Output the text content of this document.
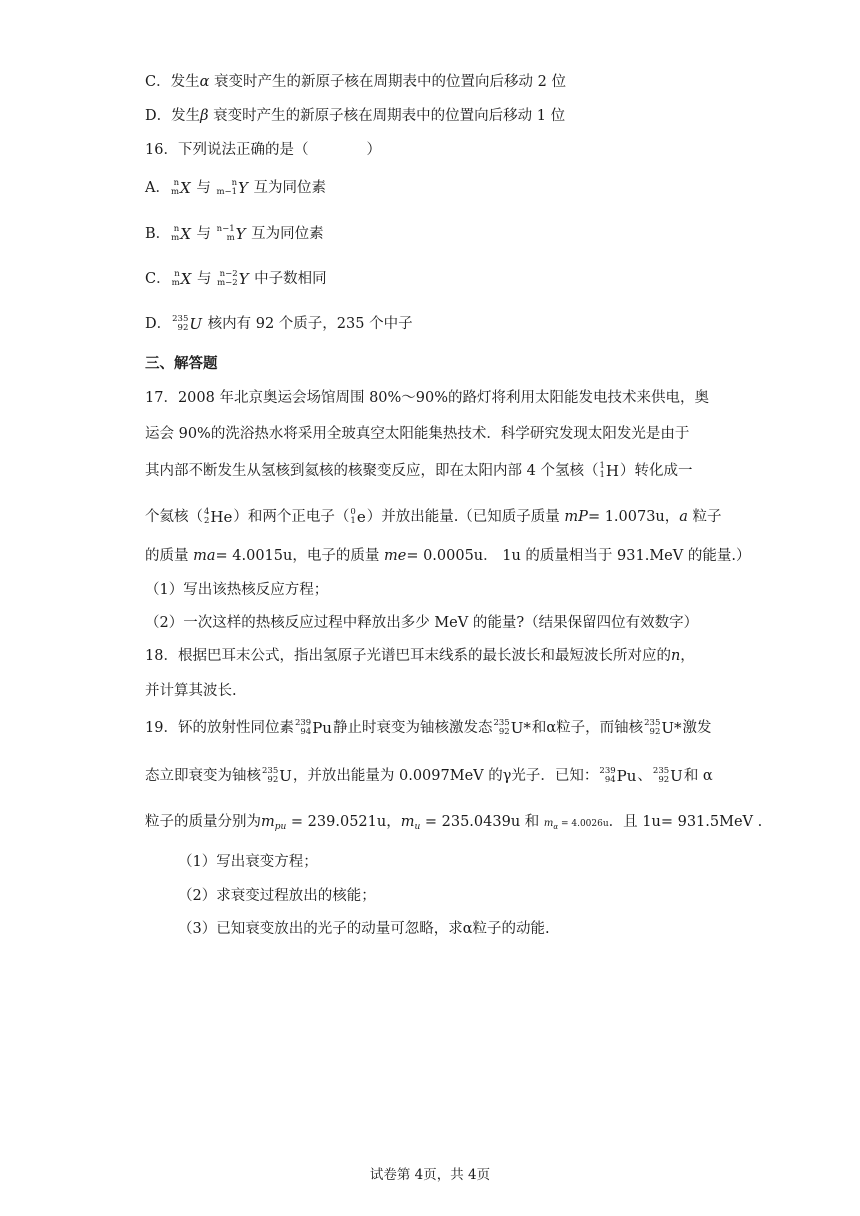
C．发生α 衰变时产生的新原子核在周期表中的位置向后移动 2 位
D．发生β 衰变时产生的新原子核在周期表中的位置向后移动 1 位
16．下列说法正确的是（　　　　）
A． n
m X 与 n
m−1 Y 互为同位素
B． n
m X 与 n−1
m Y 互为同位素
C． n
m X 与 n−2
m−2 Y 中子数相同
D． 235
92 U 核内有 92 个质子，235 个中子
三、解答题
17．2008 年北京奥运会场馆周围 80%～90%的路灯将利用太阳能发电技术来供电，奥
运会 90%的洗浴热水将采用全玻真空太阳能集热技术．科学研究发现太阳发光是由于
其内部不断发生从氢核到氦核的核聚变反应，即在太阳内部 4 个氢核（ 1
1 H）转化成一
个氦核（ 4
2 He）和两个正电子（ 0
1 e）并放出能量.（已知质子质量 mP= 1.0073u，a 粒子
的质量 ma= 4.0015u，电子的质量 me= 0.0005u． 1u 的质量相当于 931.MeV 的能量.）
（1）写出该热核反应方程；
（2）一次这样的热核反应过程中释放出多少 MeV 的能量?（结果保留四位有效数字）
18．根据巴耳末公式，指出氢原子光谱巴耳末线系的最长波长和最短波长所对应的n，
并计算其波长.
19．钚的放射性同位素 239
94 Pu静止时衰变为铀核激发态 235
92 U*和α粒子，而铀核 235
92 U*激发
态立即衰变为铀核 235
92 U，并放出能量为 0.0097MeV 的γ光子．已知： 239
94 Pu、 235
92 U和 α
粒子的质量分别为$m_{pu} = 239.0521u$，$m_u = 235.0439u$ 和 $m_\alpha = 4.0026u$．且 1u= 931.5MeV .
（1）写出衰变方程；
（2）求衰变过程放出的核能；
（3）已知衰变放出的光子的动量可忽略，求α粒子的动能.
试卷第 4页，共 4页
